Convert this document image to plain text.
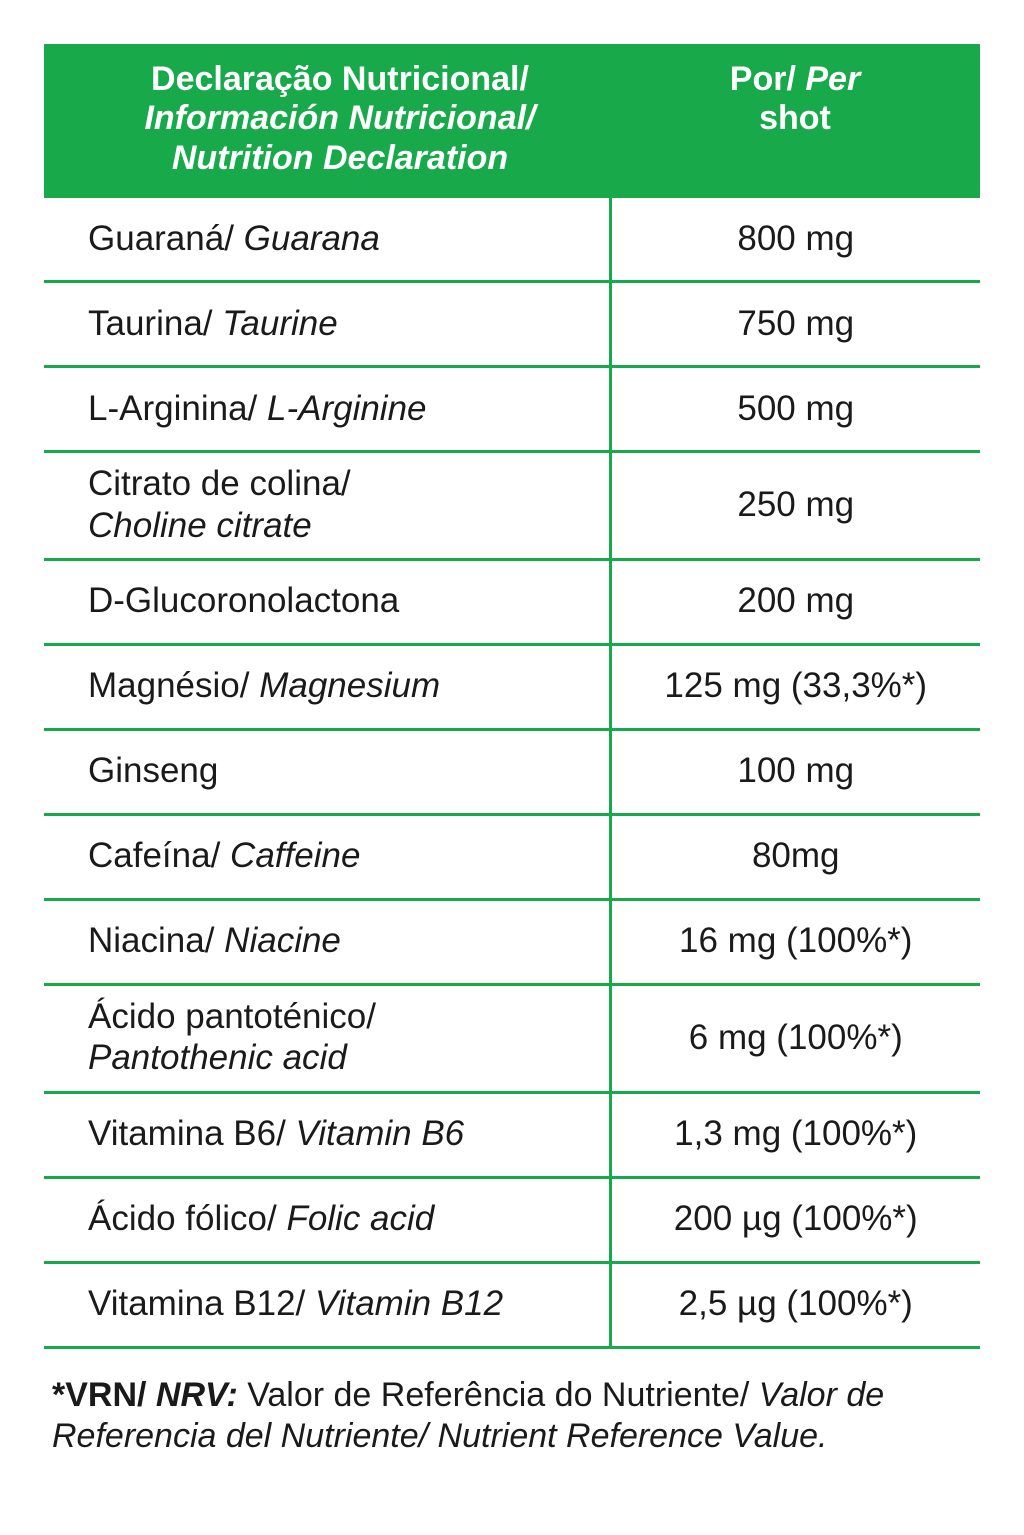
Declaração Nutricional/
Información Nutricional/
Nutrition Declaration

Por/ Per
shot

Guaraná/ Guarana	800 mg
Taurina/ Taurine	750 mg
L-Arginina/ L-Arginine	500 mg

Citrato de colina/
Choline citrate	250 mg
D-Glucoronolactona	200 mg
Magnésio/ Magnesium	125 mg (33,3%*)
Ginseng	100 mg
Cafeína/ Caffeine	80mg
Niacina/ Niacine	16 mg (100%*)

Ácido pantoténico/
Pantothenic acid	6 mg (100%*)
Vitamina B6/ Vitamin B6	1,3 mg (100%*)
Ácido fólico/ Folic acid	200 µg (100%*)
Vitamina B12/ Vitamin B12	2,5 µg (100%*)
*VRN/ NRV: Valor de Referência do Nutriente/ Valor de Referencia del Nutriente/ Nutrient Reference Value.
